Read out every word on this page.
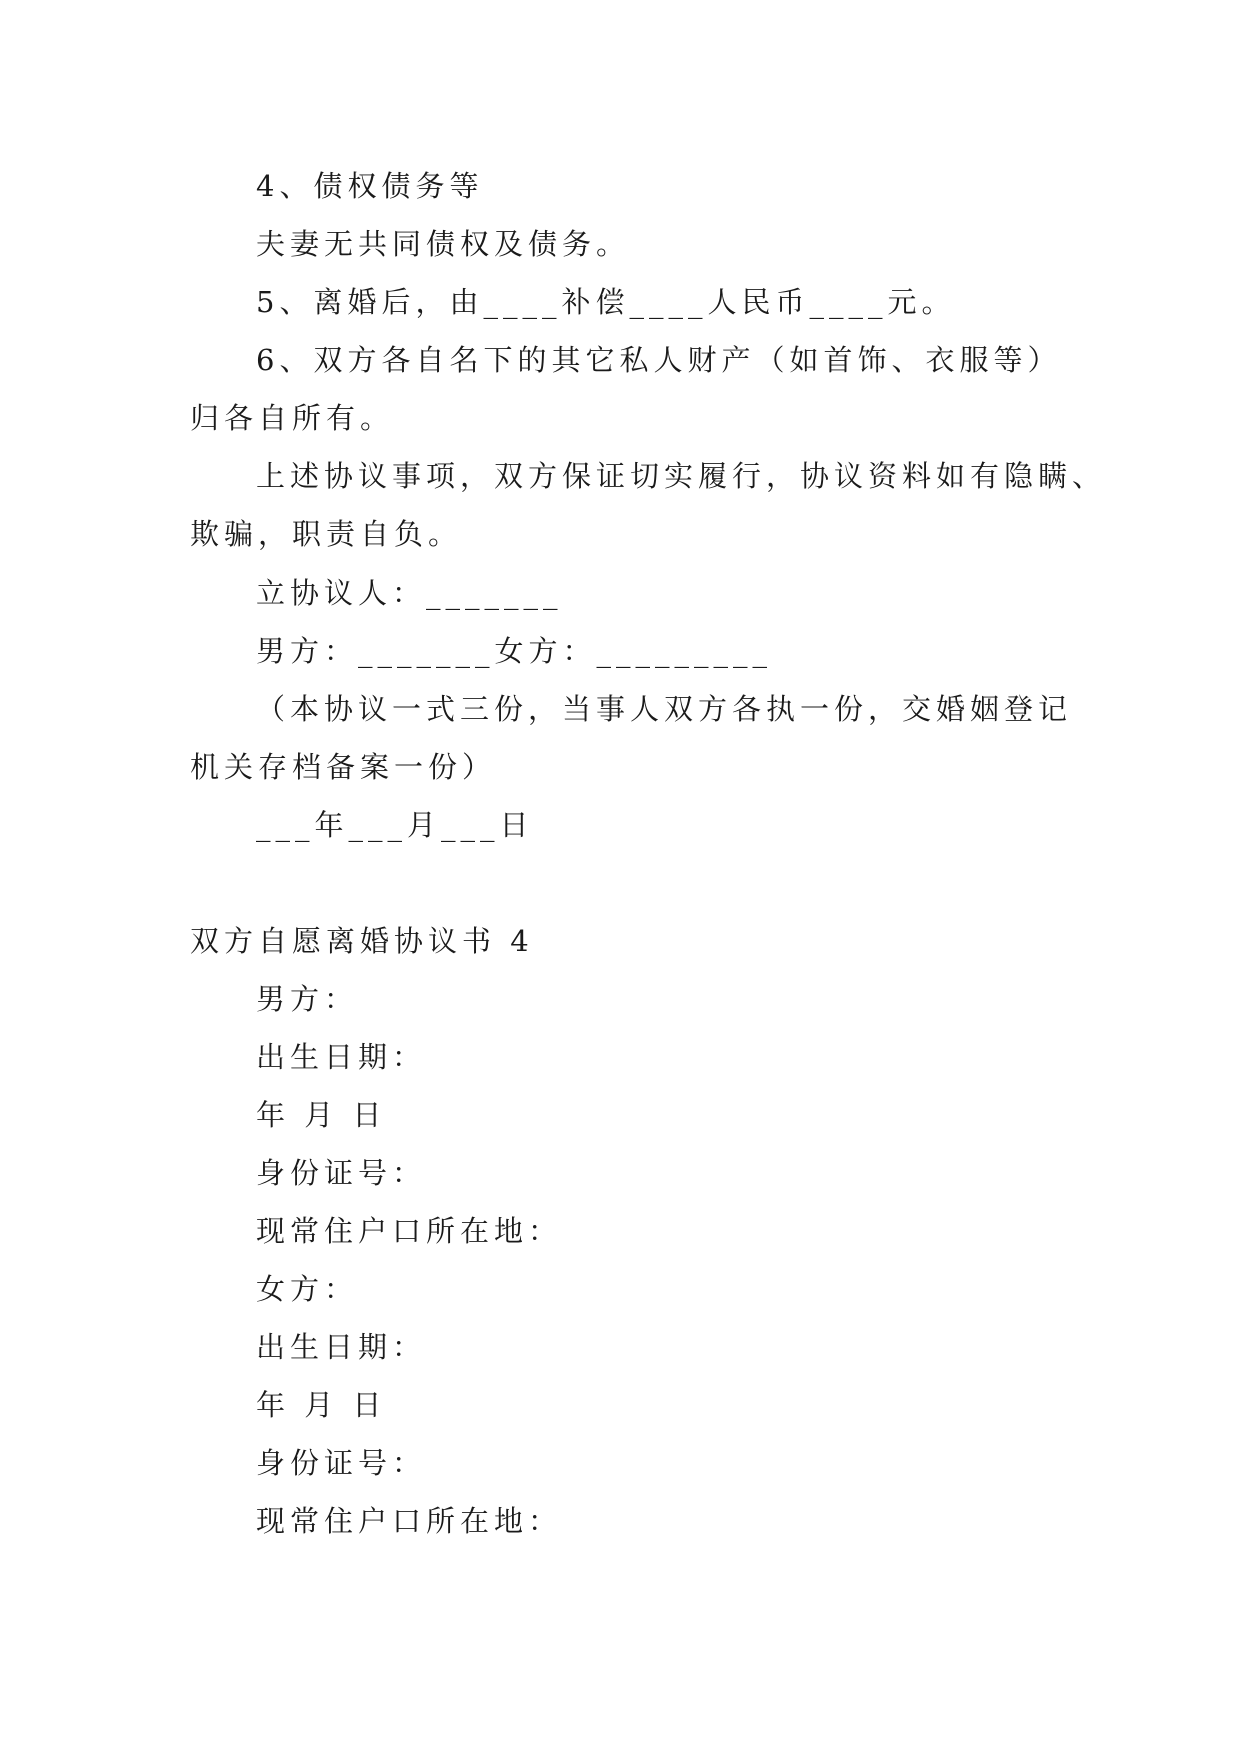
4、债权债务等
夫妻无共同债权及债务。
5、离婚后，由____补偿____人民币____元。
6、双方各自名下的其它私人财产（如首饰、衣服等）
归各自所有。
上述协议事项，双方保证切实履行，协议资料如有隐瞒、
欺骗，职责自负。
立协议人：_______
男方：_______女方：_________
（本协议一式三份，当事人双方各执一份，交婚姻登记
机关存档备案一份）
___年___月___日
双方自愿离婚协议书 4
男方：
出生日期：
年 月 日
身份证号：
现常住户口所在地：
女方：
出生日期：
年 月 日
身份证号：
现常住户口所在地：
